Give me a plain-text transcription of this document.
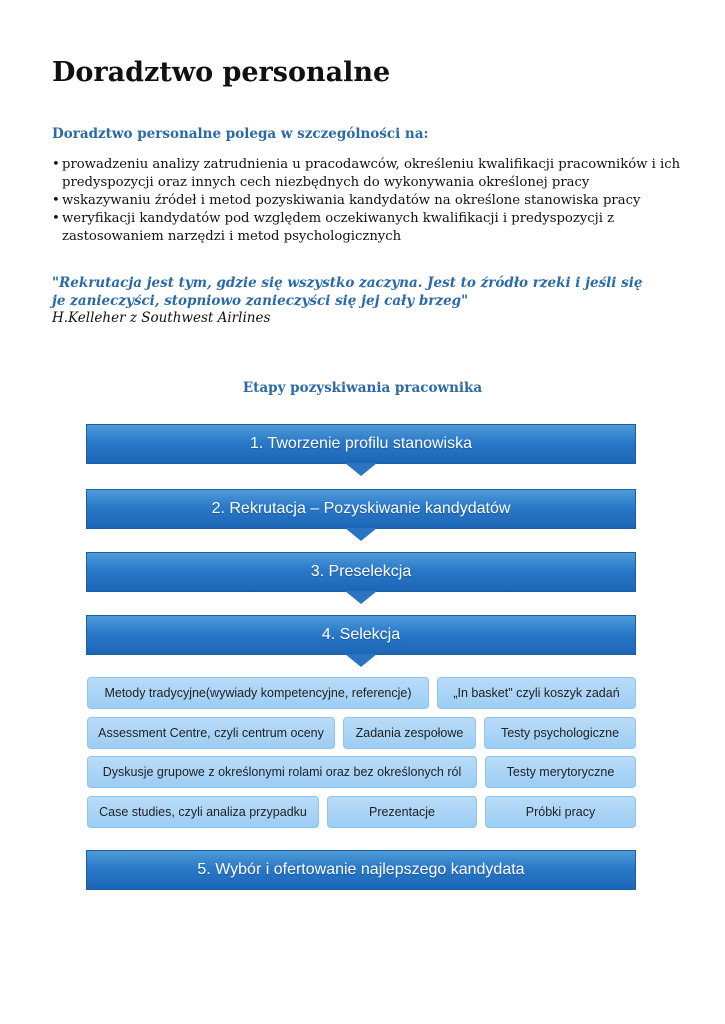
Doradztwo personalne

Doradztwo personalne polega w szczególności na:

• prowadzeniu analizy zatrudnienia u pracodawców, określeniu kwalifikacji pracowników i ich predyspozycji oraz innych cech niezbędnych do wykonywania określonej pracy
• wskazywaniu źródeł i metod pozyskiwania kandydatów na określone stanowiska pracy
• weryfikacji kandydatów pod względem oczekiwanych kwalifikacji i predyspozycji z zastosowaniem narzędzi i metod psychologicznych

"Rekrutacja jest tym, gdzie się wszystko zaczyna. Jest to źródło rzeki i jeśli się je zanieczyści, stopniowo zanieczyści się jej cały brzeg"

H.Kelleher z Southwest Airlines

Etapy pozyskiwania pracownika
1. Tworzenie profilu stanowiska
2. Rekrutacja – Pozyskiwanie kandydatów
3. Preselekcja
4. Selekcja
Metody tradycyjne(wywiady kompetencyjne, referencje)	„In basket" czyli koszyk zadań
Assessment Centre, czyli centrum oceny	Zadania zespołowe	Testy psychologiczne
Dyskusje grupowe z określonymi rolami oraz bez określonych ról	Testy merytoryczne
Case studies, czyli analiza przypadku	Prezentacje	Próbki pracy
5. Wybór i ofertowanie najlepszego kandydata
